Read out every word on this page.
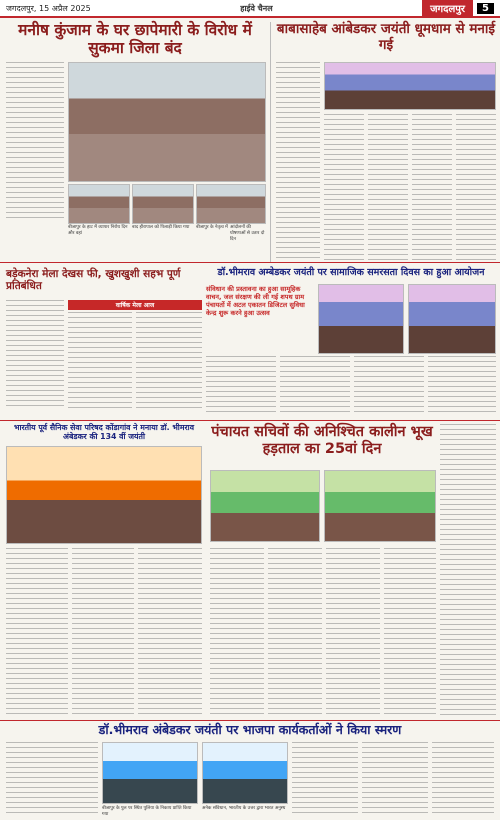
जगदलपुर, 15 अप्रैल 2025	हाईवे चैनल	जगदलपुर	5
मनीष कुंजाम के घर छापेमारी के विरोध में सुकमा जिला बंद
बीजापुर के हाट में व्यापार निरोध दिन और वहां
बाद हीरापाल को पिलाड़ी किया गया	बीजापुर के नेतृत्व में आंदोलनों की घोषणाओं से उतार दो दिन
बाबासाहेब आंबेडकर जयंती धूमधाम से मनाई गई
बड़ेकनेरा मेला देखस फी, खुशखुशी सहभ पूर्ण प्रतिबंधित
वार्षिक मेला आज
डॉ.भीमराव अम्बेडकर जयंती पर सामाजिक समरसता दिवस का हुआ आयोजन
संविधान की प्रस्तावना का हुआ सामूहिक वाचन, जल संरक्षण की ली गई शपथ ग्राम पंचायतों में अटल एकातन डिजिटल सुविधा केन्द्र शुरू करने हुआ उत्सव
भारतीय पूर्व सैनिक सेवा परिषद कोंडागांव ने मनाया डॉ. भीमराव अंबेडकर की 134 वीं जयंती	पंचायत सचिवों की अनिश्चित कालीन भूख हड़ताल का 25वां दिन
डॉ.भीमराव अंबेडकर जयंती पर भाजपा कार्यकर्ताओं ने किया स्मरण
बीजापुर के पुल पर स्थित पुलिया के निकाय प्राप्ति किया गया
अनेक संविधान, भारतीय के उत्तर द्वारा भारत अनुस्थ
